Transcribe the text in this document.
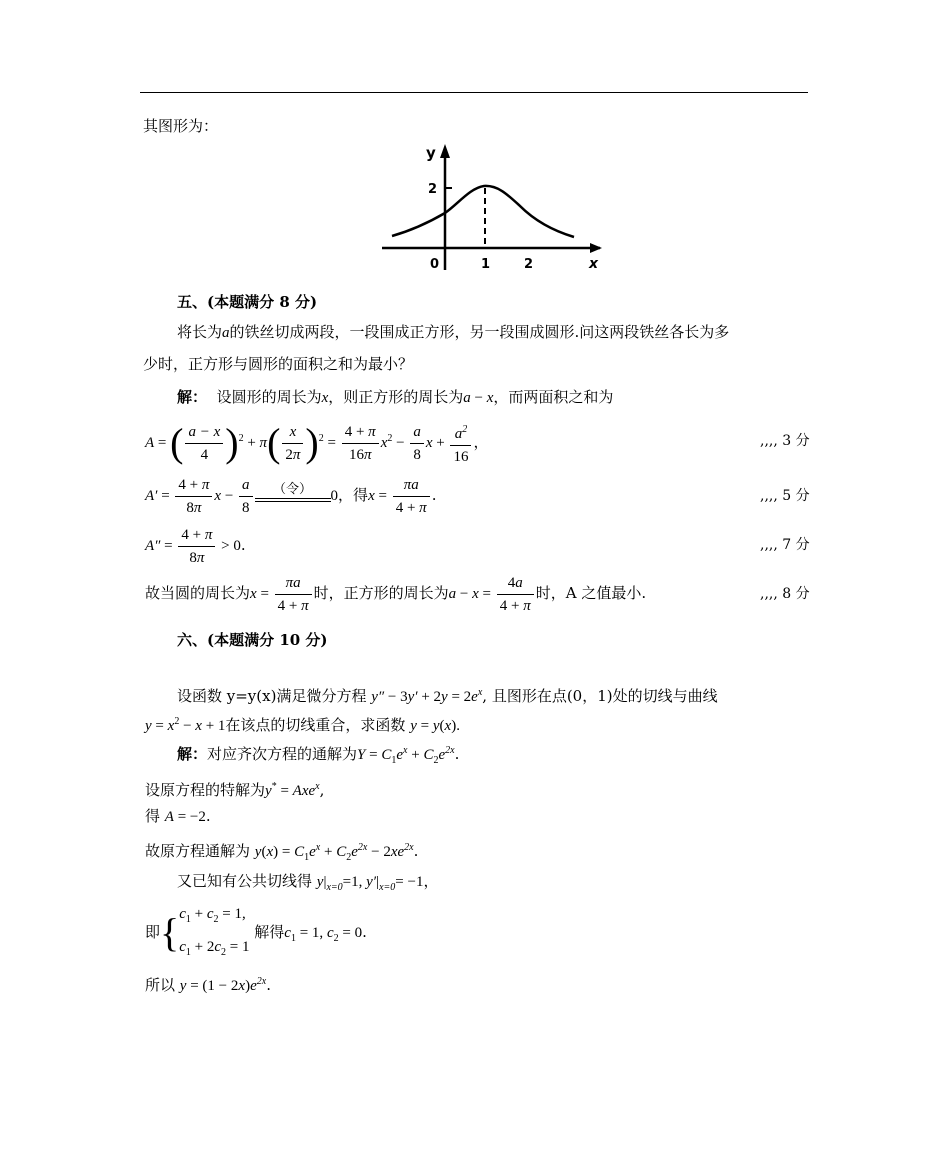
其图形为：
y
2
0	1	2	x
五、(本题满分 8 分)
将长为a的铁丝切成两段，一段围成正方形，另一段围成圆形.问这两段铁丝各长为多
少时，正方形与圆形的面积之和为最小？
解： 设圆形的周长为x，则正方形的周长为a − x，而两面积之和为
A = ( $\frac{a - x}{4} )^2 + \pi( \frac{x}{2\pi} )^2 = \frac{4 + \pi}{16\pi} x^2 - \frac{a}{8}$ $x + \frac{a^2}{16}$ ，	,,,, 3 分
$A' = \frac{4 + \pi}{8\pi}$ $x - \frac{a}{8}$	（令）	0，得$x = \frac{\pi a}{4 + \pi}$ .	,,,, 5 分
$A'' = \frac{4 + \pi}{8\pi} > 0$.	,,,, 7 分
故当圆的周长为$x = \frac{\pi a}{4 + \pi}$ 时，正方形的周长为$a - x = \frac{4a}{4 + \pi}$ 时，A 之值最小.	,,,, 8 分
六、(本题满分 10 分)
设函数 y=y(x)满足微分方程 $y'' - 3y' + 2y = 2e^x$, 且图形在点(0，1)处的切线与曲线
$y = x^2 - x + 1$在该点的切线重合，求函数 y = y(x).
解：对应齐次方程的通解为$Y = C_1e^x + C_2e^{2x}$.
设原方程的特解为y* = Axe$^x$,
得 A = −2.
故原方程通解为 $y(x) = C_1e^x + C_2e^{2x} - 2xe^{2x}$.
又已知有公共切线得 $y|_{x=0}=1$, $y'|_{x=0}= -1$，
即{ $c_1 + c_2 = 1$,
$c_1 + 2c_2 = 1$
解得$c_1 = 1$, $c_2 = 0$.
所以 $y = (1 - 2x)e^{2x}$.
